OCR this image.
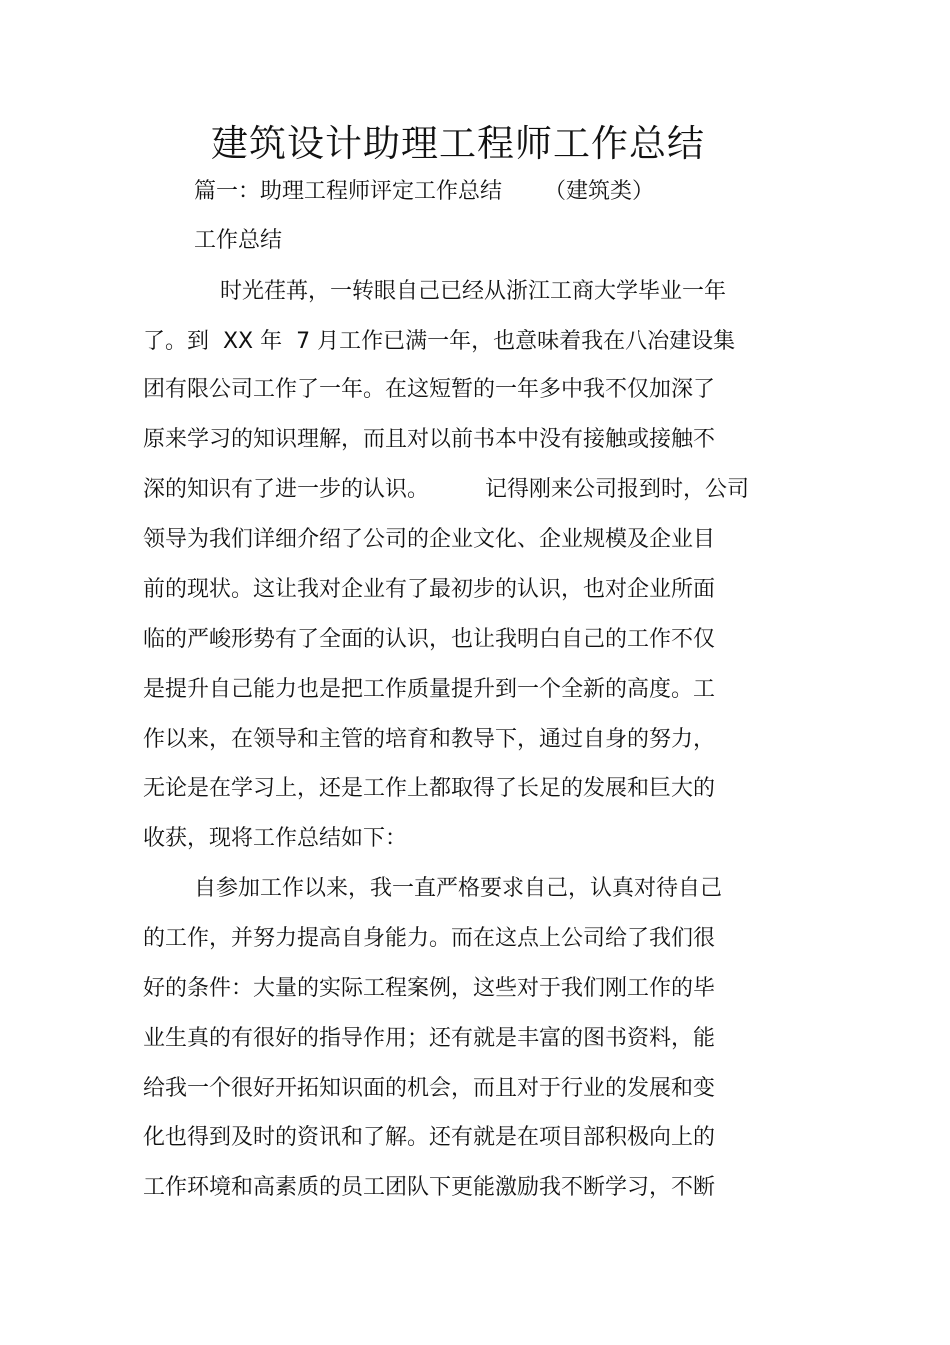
建筑设计助理工程师工作总结
篇一：助理工程师评定工作总结      （建筑类）
工作总结
时光荏苒，一转眼自己已经从浙江工商大学毕业一年
了。到  XX 年  7 月工作已满一年，也意味着我在八冶建设集
团有限公司工作了一年。在这短暂的一年多中我不仅加深了
原来学习的知识理解，而且对以前书本中没有接触或接触不
深的知识有了进一步的认识。        记得刚来公司报到时，公司
领导为我们详细介绍了公司的企业文化、企业规模及企业目
前的现状。这让我对企业有了最初步的认识，也对企业所面
临的严峻形势有了全面的认识，也让我明白自己的工作不仅
是提升自己能力也是把工作质量提升到一个全新的高度。工
作以来，在领导和主管的培育和教导下，通过自身的努力，
无论是在学习上，还是工作上都取得了长足的发展和巨大的
收获，现将工作总结如下：
自参加工作以来，我一直严格要求自己，认真对待自己
的工作，并努力提高自身能力。而在这点上公司给了我们很
好的条件：大量的实际工程案例，这些对于我们刚工作的毕
业生真的有很好的指导作用；还有就是丰富的图书资料，能
给我一个很好开拓知识面的机会，而且对于行业的发展和变
化也得到及时的资讯和了解。还有就是在项目部积极向上的
工作环境和高素质的员工团队下更能激励我不断学习，不断
